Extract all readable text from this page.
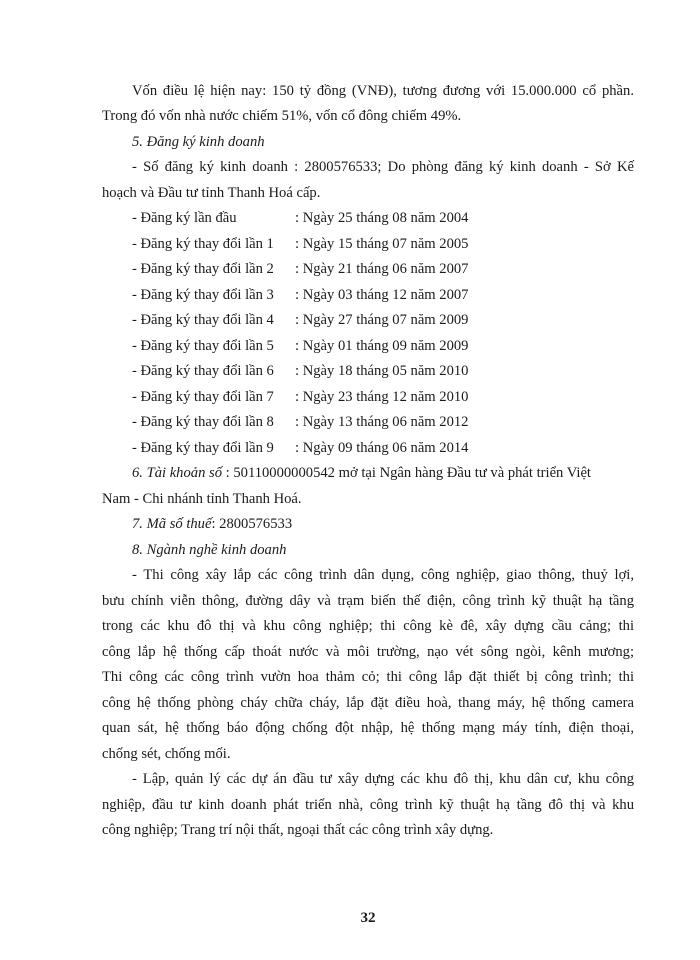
Vốn điều lệ hiện nay: 150 tỷ đồng (VNĐ), tương đương với 15.000.000 cổ phần.
Trong đó vốn nhà nước chiếm 51%, vốn cổ đông chiếm 49%.
5. Đăng ký kinh doanh
- Số đăng ký kinh doanh : 2800576533; Do phòng đăng ký kinh doanh - Sở Kế
hoạch và Đầu tư tỉnh Thanh Hoá cấp.
- Đăng ký lần đầu	: Ngày 25 tháng 08 năm 2004
- Đăng ký thay đổi lần 1 : Ngày 15 tháng 07 năm 2005
- Đăng ký thay đổi lần 2 : Ngày 21 tháng 06 năm 2007
- Đăng ký thay đổi lần 3 : Ngày 03 tháng 12 năm 2007
- Đăng ký thay đổi lần 4 : Ngày 27 tháng 07 năm 2009
- Đăng ký thay đổi lần 5 : Ngày 01 tháng 09 năm 2009
- Đăng ký thay đổi lần 6 : Ngày 18 tháng 05 năm 2010
- Đăng ký thay đổi lần 7 : Ngày 23 tháng 12 năm 2010
- Đăng ký thay đổi lần 8 : Ngày 13 tháng 06 năm 2012
- Đăng ký thay đổi lần 9 : Ngày 09 tháng 06 năm 2014
6. Tài khoản số : 50110000000542 mở tại Ngân hàng Đầu tư và phát triển Việt
Nam - Chi nhánh tỉnh Thanh Hoá.
7. Mã số thuế: 2800576533
8. Ngành nghề kinh doanh
- Thi công xây lắp các công trình dân dụng, công nghiệp, giao thông, thuỷ lợi,
bưu chính viễn thông, đường dây và trạm biến thế điện, công trình kỹ thuật hạ tầng
trong các khu đô thị và khu công nghiệp; thi công kè đê, xây dựng cầu cảng; thi
công lắp hệ thống cấp thoát nước và môi trường, nạo vét sông ngòi, kênh mương;
Thi công các công trình vườn hoa thảm cỏ; thi công lắp đặt thiết bị công trình; thi
công hệ thống phòng cháy chữa cháy, lắp đặt điều hoà, thang máy, hệ thống camera
quan sát, hệ thống báo động chống đột nhập, hệ thống mạng máy tính, điện thoại,
chống sét, chống mối.
- Lập, quản lý các dự án đầu tư xây dựng các khu đô thị, khu dân cư, khu công
nghiệp, đầu tư kinh doanh phát triển nhà, công trình kỹ thuật hạ tầng đô thị và khu
công nghiệp; Trang trí nội thất, ngoại thất các công trình xây dựng.
32
